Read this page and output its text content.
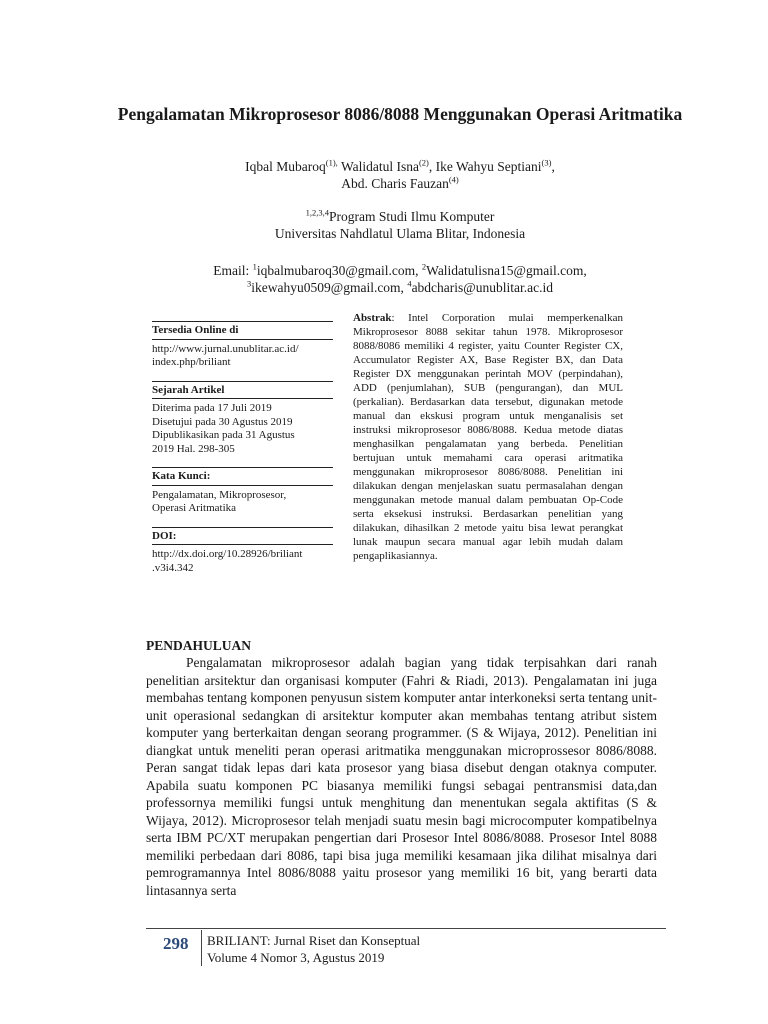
Pengalamatan Mikroprosesor 8086/8088 Menggunakan Operasi Aritmatika
Iqbal Mubaroq$^{(1),}$ Walidatul Isna$^{(2)}$, Ike Wahyu Septiani$^{(3)}$,
Abd. Charis Fauzan$^{(4)}$
$^{1,2,3,4}$Program Studi Ilmu Komputer
Universitas Nahdlatul Ulama Blitar, Indonesia
Email: $^1$iqbalmubaroq30@gmail.com, $^2$Walidatulisna15@gmail.com,
$^3$ikewahyu0509@gmail.com, $^4$abdcharis@unublitar.ac.id
Tersedia Online di
http://www.jurnal.unublitar.ac.id/
index.php/briliant
Sejarah Artikel
Diterima pada 17 Juli 2019
Disetujui pada 30 Agustus 2019
Dipublikasikan pada 31 Agustus
2019 Hal. 298-305
Kata Kunci:
Pengalamatan, Mikroprosesor,
Operasi Aritmatika
DOI:
http://dx.doi.org/10.28926/briliant
.v3i4.342
Abstrak: Intel Corporation mulai memperkenalkan Mikroprosesor 8088 sekitar tahun 1978. Mikroprosesor 8088/8086 memiliki 4 register, yaitu Counter Register CX, Accumulator Register AX, Base Register BX, dan Data Register DX menggunakan perintah MOV (perpindahan), ADD (penjumlahan), SUB (pengurangan), dan MUL (perkalian). Berdasarkan data tersebut, digunakan metode manual dan ekskusi program untuk menganalisis set instruksi mikroprosesor 8086/8088. Kedua metode diatas menghasilkan pengalamatan yang berbeda. Penelitian bertujuan untuk memahami cara operasi aritmatika menggunakan mikroprosesor 8086/8088. Penelitian ini dilakukan dengan menjelaskan suatu permasalahan dengan menggunakan metode manual dalam pembuatan Op-Code serta eksekusi instruksi. Berdasarkan penelitian yang dilakukan, dihasilkan 2 metode yaitu bisa lewat perangkat lunak maupun secara manual agar lebih mudah dalam pengaplikasiannya.
PENDAHULUAN
Pengalamatan mikroprosesor adalah bagian yang tidak terpisahkan dari ranah penelitian arsitektur dan organisasi komputer (Fahri & Riadi, 2013). Pengalamatan ini juga membahas tentang komponen penyusun sistem komputer antar interkoneksi serta tentang unit-unit operasional sedangkan di arsitektur komputer akan membahas tentang atribut sistem komputer yang berterkaitan dengan seorang programmer. (S & Wijaya, 2012). Penelitian ini diangkat untuk meneliti peran operasi aritmatika menggunakan microprossesor 8086/8088. Peran sangat tidak lepas dari kata prosesor yang biasa disebut dengan otaknya computer. Apabila suatu komponen PC biasanya memiliki fungsi sebagai pentransmisi data,dan professornya memiliki fungsi untuk menghitung dan menentukan segala aktifitas (S & Wijaya, 2012). Microprosesor telah menjadi suatu mesin bagi microcomputer kompatibelnya serta IBM PC/XT merupakan pengertian dari Prosesor Intel 8086/8088. Prosesor Intel 8088 memiliki perbedaan dari 8086, tapi bisa juga memiliki kesamaan jika dilihat misalnya dari pemrogramannya Intel 8086/8088 yaitu prosesor yang memiliki 16 bit, yang berarti data lintasannya serta
298 BRILIANT: Jurnal Riset dan Konseptual
Volume 4 Nomor 3, Agustus 2019
